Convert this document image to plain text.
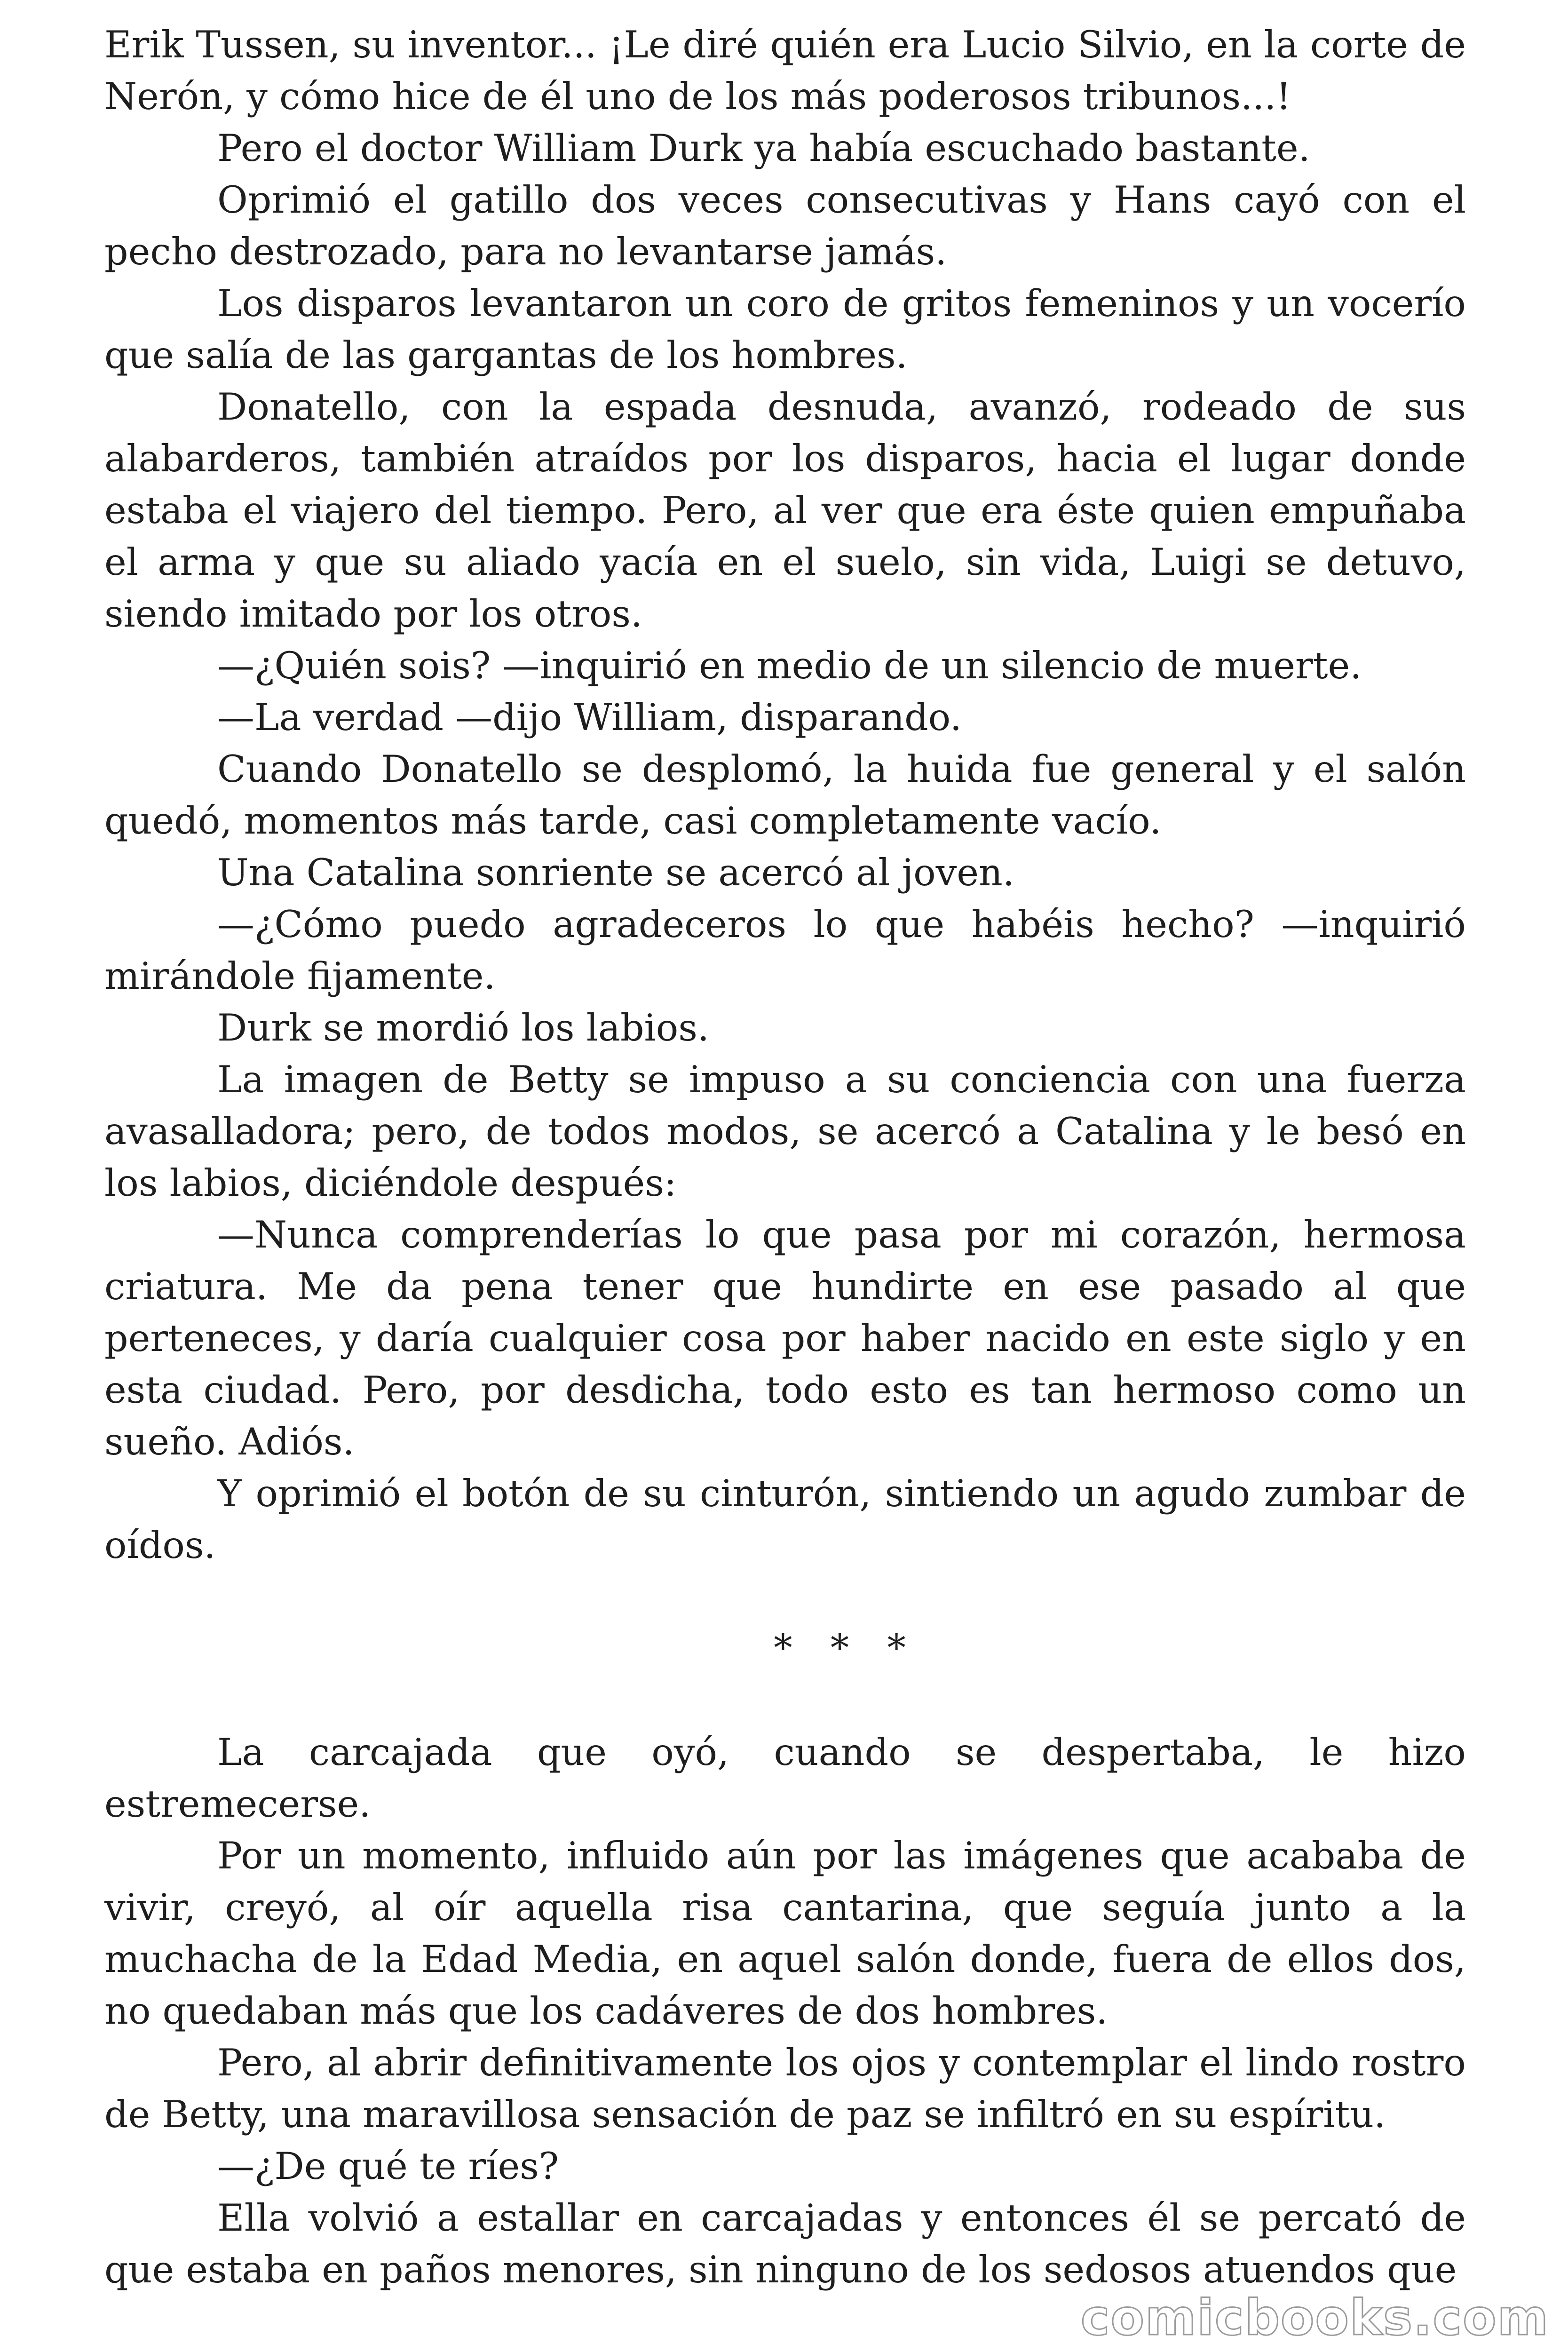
Erik Tussen, su inventor... ¡Le diré quién era Lucio Silvio, en la corte de Nerón, y cómo hice de él uno de los más poderosos tribunos...!

Pero el doctor William Durk ya había escuchado bastante.

Oprimió el gatillo dos veces consecutivas y Hans cayó con el pecho destrozado, para no levantarse jamás.

Los disparos levantaron un coro de gritos femeninos y un vocerío que salía de las gargantas de los hombres.

Donatello, con la espada desnuda, avanzó, rodeado de sus alabarderos, también atraídos por los disparos, hacia el lugar donde estaba el viajero del tiempo. Pero, al ver que era éste quien empuñaba el arma y que su aliado yacía en el suelo, sin vida, Luigi se detuvo, siendo imitado por los otros.

—¿Quién sois? —inquirió en medio de un silencio de muerte.

—La verdad —dijo William, disparando.

Cuando Donatello se desplomó, la huida fue general y el salón quedó, momentos más tarde, casi completamente vacío.

Una Catalina sonriente se acercó al joven.

—¿Cómo puedo agradeceros lo que habéis hecho? —inquirió mirándole fijamente.

Durk se mordió los labios.

La imagen de Betty se impuso a su conciencia con una fuerza avasalladora; pero, de todos modos, se acercó a Catalina y le besó en los labios, diciéndole después:

—Nunca comprenderías lo que pasa por mi corazón, hermosa criatura. Me da pena tener que hundirte en ese pasado al que perteneces, y daría cualquier cosa por haber nacido en este siglo y en esta ciudad. Pero, por desdicha, todo esto es tan hermoso como un sueño. Adiós.

Y oprimió el botón de su cinturón, sintiendo un agudo zumbar de oídos.

* * *

La carcajada que oyó, cuando se despertaba, le hizo estremecerse.

Por un momento, influido aún por las imágenes que acababa de vivir, creyó, al oír aquella risa cantarina, que seguía junto a la muchacha de la Edad Media, en aquel salón donde, fuera de ellos dos, no quedaban más que los cadáveres de dos hombres.

Pero, al abrir definitivamente los ojos y contemplar el lindo rostro de Betty, una maravillosa sensación de paz se infiltró en su espíritu.

—¿De qué te ríes?

Ella volvió a estallar en carcajadas y entonces él se percató de que estaba en paños menores, sin ninguno de los sedosos atuendos que

comicbooks.com
